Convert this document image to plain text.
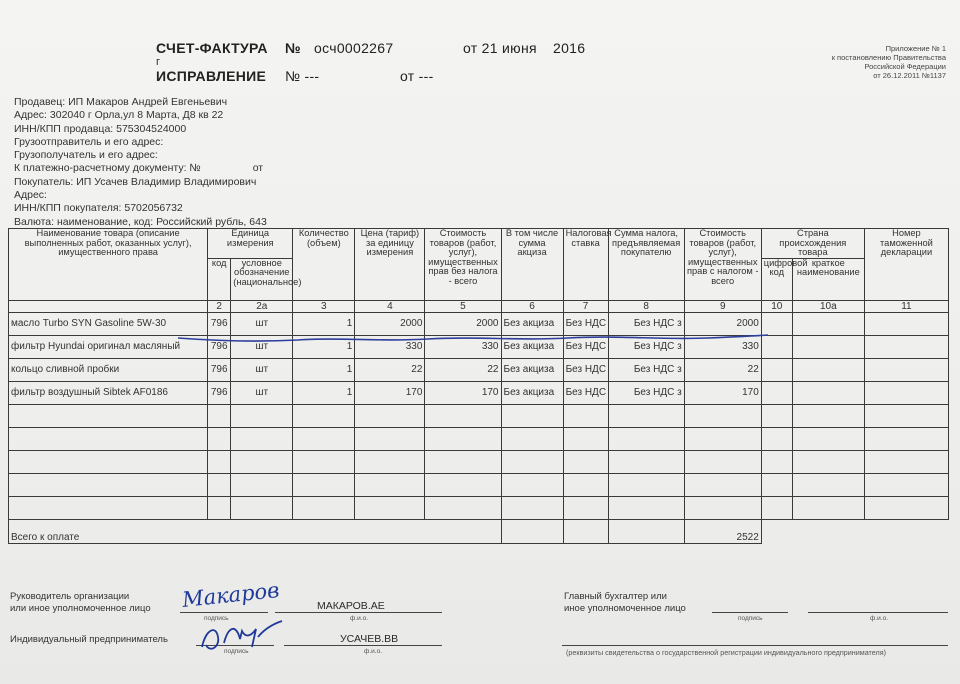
СЧЕТ-ФАКТУРА № осч0002267	от 21 июня 2016
г
ИСПРАВЛЕНИЕ № ---	от ---
Приложение № 1
к постановлению Правительства
Российской Федерации
от 26.12.2011 №1137
Продавец: ИП Макаров Андрей Евгеньевич
Адрес: 302040 г Орла,ул 8 Марта, Д8 кв 22
ИНН/КПП продавца: 575304524000
Грузоотправитель и его адрес:
Грузополучатель и его адрес:
К платежно-расчетному документу: №	от
Покупатель: ИП Усачев Владимир Владимирович
Адрес:
ИНН/КПП покупателя: 5702056732
Валюта: наименование, код: Российский рубль, 643
Наименование товара (описание выполненных работ, оказанных услуг), имущественного права	Единица измерения		Количество (объем)	Цена (тариф) за единицу измерения	Стоимость товаров (работ, услуг), имущественных прав без налога - всего	В том числе сумма акциза	Налоговая ставка	Сумма налога, предъявляемая покупателю	Стоимость товаров (работ, услуг), имущественных прав с налогом - всего	Страна происхождения товара		Номер таможенной декларации
	код	условное обозначение (национальное)								цифровой код	краткое наименование	
	2	2а	3	4	5	6	7	8	9	10	10а	11
масло Turbo SYN Gasoline 5W-30	796	шт	1	2000	2000	Без акциза	Без НДС	Без НДС з	2000			
фильтр Hyundai оригинал масляный	796	шт	1	330	330	Без акциза	Без НДС	Без НДС з	330			
кольцо сливной пробки	796	шт	1	22	22	Без акциза	Без НДС	Без НДС з	22			
фильтр воздушный Sibtek AF0186	796	шт	1	170	170	Без акциза	Без НДС	Без НДС з	170			

Всего к оплате									2522			
Руководитель организации
или иное уполномоченное лицо	МАКАРОВ.АЕ
Макаров
подпись	ф.и.о.
Индивидуальный предприниматель	УСАЧЕВ.ВВ
подпись	ф.и.о.
Главный бухгалтер или
иное уполномоченное лицо
подпись	ф.и.о.
(реквизиты свидетельства о государственной регистрации индивидуального предпринимателя)
